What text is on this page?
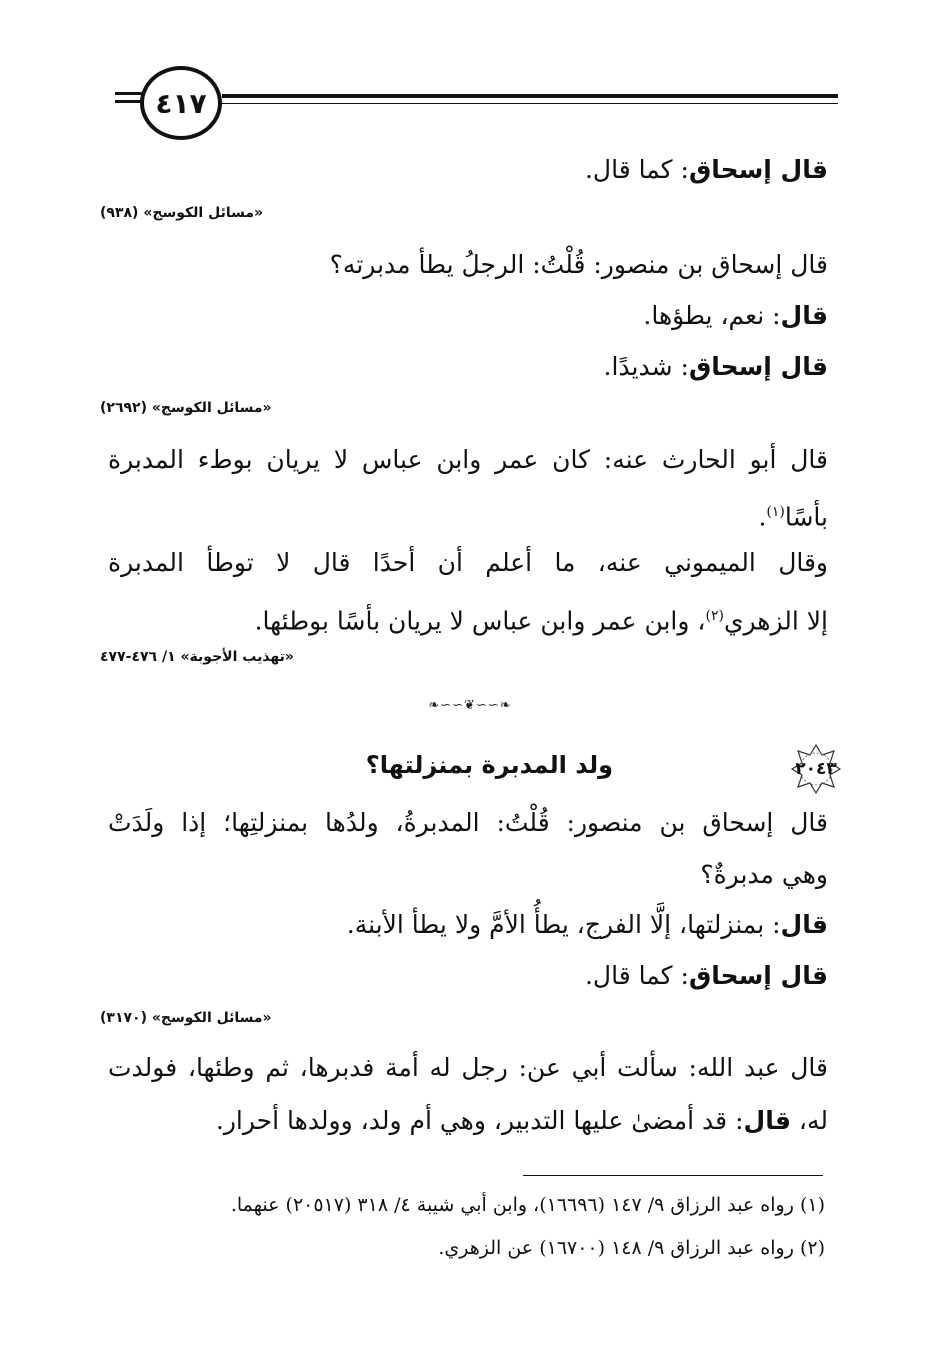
٤١٧
قال إسحاق: كما قال.
«مسائل الكوسج» (٩٣٨)
قال إسحاق بن منصور: قُلْتُ: الرجلُ يطأ مدبرته؟
قال: نعم، يطؤها.
قال إسحاق: شديدًا.
«مسائل الكوسج» (٢٦٩٢)
قال أبو الحارث عنه: كان عمر وابن عباس لا يريان بوطء المدبرة
بأسًا$^{(١)}$.
وقال الميموني عنه، ما أعلم أن أحدًا قال لا توطأ المدبرة
إلا الزهري$^{(٢)}$، وابن عمر وابن عباس لا يريان بأسًا بوطئها.
«تهذيب الأجوبة» ١/ ٤٧٦-٤٧٧
❧∽∽❦∽∽❧
٢٠٤٣
ولد المدبرة بمنزلتها؟
قال إسحاق بن منصور: قُلْتُ: المدبرةُ، ولدُها بمنزلتِها؛ إذا ولَدَتْ
وهي مدبرةٌ؟
قال: بمنزلتها، إلَّا الفرج، يطأُ الأمَّ ولا يطأ الأبنة.
قال إسحاق: كما قال.
«مسائل الكوسج» (٣١٧٠)
قال عبد الله: سألت أبي عن: رجل له أمة فدبرها، ثم وطئها، فولدت
له، قال: قد أمضىٰ عليها التدبير، وهي أم ولد، وولدها أحرار.
(١) رواه عبد الرزاق ٩/ ١٤٧ (١٦٦٩٦)، وابن أبي شيبة ٤/ ٣١٨ (٢٠٥١٧) عنهما.
(٢) رواه عبد الرزاق ٩/ ١٤٨ (١٦٧٠٠) عن الزهري.
